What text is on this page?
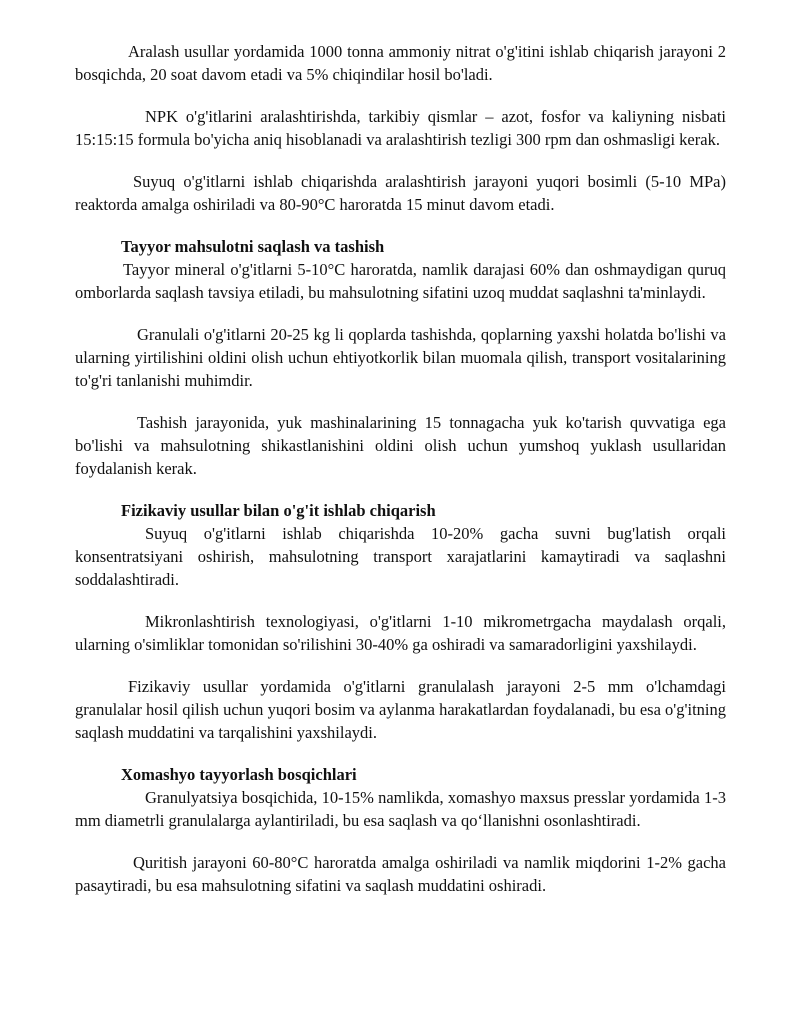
Aralash usullar yordamida 1000 tonna ammoniy nitrat o'g'itini ishlab chiqarish jarayoni 2 bosqichda, 20 soat davom etadi va 5% chiqindilar hosil bo'ladi.

NPK o'g'itlarini aralashtirishda, tarkibiy qismlar – azot, fosfor va kaliyning nisbati 15:15:15 formula bo'yicha aniq hisoblanadi va aralashtirish tezligi 300 rpm dan oshmasligi kerak.

Suyuq o'g'itlarni ishlab chiqarishda aralashtirish jarayoni yuqori bosimli (5-10 MPa) reaktorda amalga oshiriladi va 80-90°C haroratda 15 minut davom etadi.

Tayyor mahsulotni saqlash va tashish

Tayyor mineral o'g'itlarni 5-10°C haroratda, namlik darajasi 60% dan oshmaydigan quruq omborlarda saqlash tavsiya etiladi, bu mahsulotning sifatini uzoq muddat saqlashni ta'minlaydi.

Granulali o'g'itlarni 20-25 kg li qoplarda tashishda, qoplarning yaxshi holatda bo'lishi va ularning yirtilishini oldini olish uchun ehtiyotkorlik bilan muomala qilish, transport vositalarining to'g'ri tanlanishi muhimdir.

Tashish jarayonida, yuk mashinalarining 15 tonnagacha yuk ko'tarish quvvatiga ega bo'lishi va mahsulotning shikastlanishini oldini olish uchun yumshoq yuklash usullaridan foydalanish kerak.

Fizikaviy usullar bilan o'g'it ishlab chiqarish

Suyuq o'g'itlarni ishlab chiqarishda 10-20% gacha suvni bug'latish orqali konsentratsiyani oshirish, mahsulotning transport xarajatlarini kamaytiradi va saqlashni soddalashtiradi.

Mikronlashtirish texnologiyasi, o'g'itlarni 1-10 mikrometrgacha maydalash orqali, ularning o'simliklar tomonidan so'rilishini 30-40% ga oshiradi va samaradorligini yaxshilaydi.

Fizikaviy usullar yordamida o'g'itlarni granulalash jarayoni 2-5 mm o'lchamdagi granulalar hosil qilish uchun yuqori bosim va aylanma harakatlardan foydalanadi, bu esa o'g'itning saqlash muddatini va tarqalishini yaxshilaydi.

Xomashyo tayyorlash bosqichlari

Granulyatsiya bosqichida, 10-15% namlikda, xomashyo maxsus presslar yordamida 1-3 mm diametrli granulalarga aylantiriladi, bu esa saqlash va qo‘llanishni osonlashtiradi.

Quritish jarayoni 60-80°C haroratda amalga oshiriladi va namlik miqdorini 1-2% gacha pasaytiradi, bu esa mahsulotning sifatini va saqlash muddatini oshiradi.
